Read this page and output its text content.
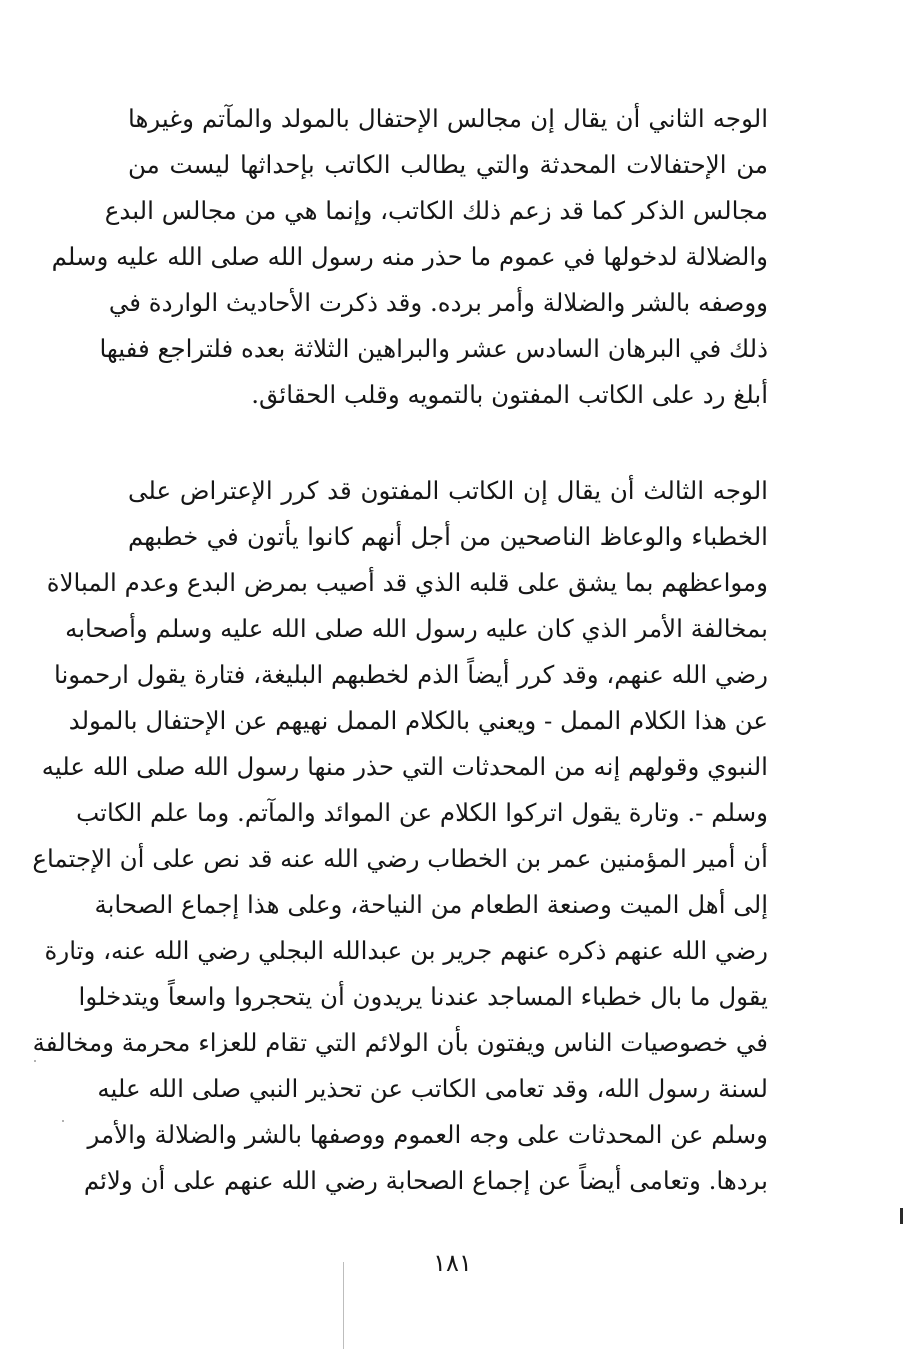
الوجه الثاني أن يقال إن مجالس الإحتفال بالمولد والمآتم وغيرها
من الإحتفالات المحدثة والتي يطالب الكاتب بإحداثها ليست من
مجالس الذكر كما قد زعم ذلك الكاتب، وإنما هي من مجالس البدع
والضلالة لدخولها في عموم ما حذر منه رسول الله صلى الله عليه وسلم
ووصفه بالشر والضلالة وأمر برده. وقد ذكرت الأحاديث الواردة في
ذلك في البرهان السادس عشر والبراهين الثلاثة بعده فلتراجع ففيها
أبلغ رد على الكاتب المفتون بالتمويه وقلب الحقائق.
الوجه الثالث أن يقال إن الكاتب المفتون قد كرر الإعتراض على
الخطباء والوعاظ الناصحين من أجل أنهم كانوا يأتون في خطبهم
ومواعظهم بما يشق على قلبه الذي قد أصيب بمرض البدع وعدم المبالاة
بمخالفة الأمر الذي كان عليه رسول الله صلى الله عليه وسلم وأصحابه
رضي الله عنهم، وقد كرر أيضاً الذم لخطبهم البليغة، فتارة يقول ارحمونا
عن هذا الكلام الممل - ويعني بالكلام الممل نهيهم عن الإحتفال بالمولد
النبوي وقولهم إنه من المحدثات التي حذر منها رسول الله صلى الله عليه
وسلم -. وتارة يقول اتركوا الكلام عن الموائد والمآتم. وما علم الكاتب
أن أمير المؤمنين عمر بن الخطاب رضي الله عنه قد نص على أن الإجتماع
إلى أهل الميت وصنعة الطعام من النياحة، وعلى هذا إجماع الصحابة
رضي الله عنهم ذكره عنهم جرير بن عبدالله البجلي رضي الله عنه، وتارة
يقول ما بال خطباء المساجد عندنا يريدون أن يتحجروا واسعاً ويتدخلوا
في خصوصيات الناس ويفتون بأن الولائم التي تقام للعزاء محرمة ومخالفة
لسنة رسول الله، وقد تعامى الكاتب عن تحذير النبي صلى الله عليه
وسلم عن المحدثات على وجه العموم ووصفها بالشر والضلالة والأمر
بردها. وتعامى أيضاً عن إجماع الصحابة رضي الله عنهم على أن ولائم
١٨١
